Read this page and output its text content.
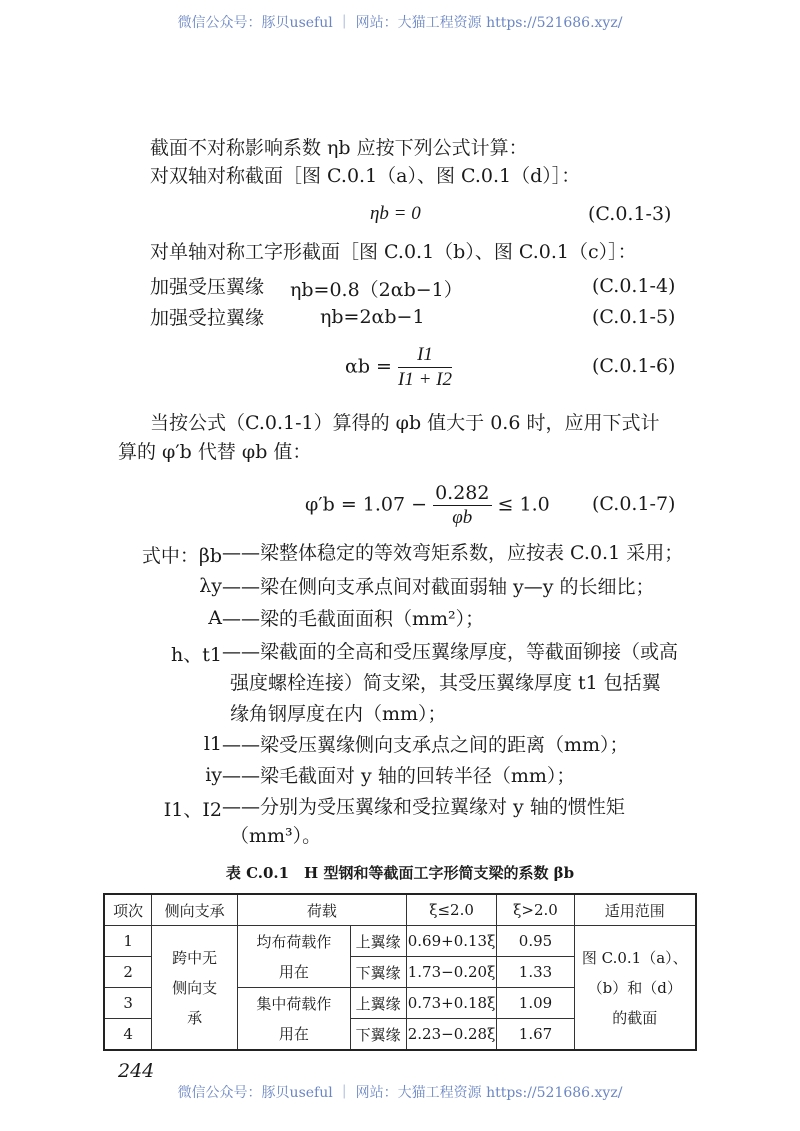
微信公众号：豚贝useful ｜ 网站：大猫工程资源 https://521686.xyz/
截面不对称影响系数 ηb 应按下列公式计算：
对双轴对称截面［图 C.0.1（a）、图 C.0.1（d）］：
ηb = 0	(C.0.1-3)
对单轴对称工字形截面［图 C.0.1（b）、图 C.0.1（c）］：
加强受压翼缘 ηb=0.8（2αb−1）	(C.0.1-4)
加强受拉翼缘	ηb=2αb−1	(C.0.1-5)
$\alpha b = \frac{I1}{I1 + I2}$	(C.0.1-6)
当按公式（C.0.1-1）算得的 φb 值大于 0.6 时，应用下式计
算的 φ′b 代替 φb 值：
$\varphi'b = 1.07 - \frac{0.282}{\varphi b} \le 1.0$ (C.0.1-7)
式中：βb ——梁整体稳定的等效弯矩系数，应按表 C.0.1 采用；
λy ——梁在侧向支承点间对截面弱轴 y—y 的长细比；
A ——梁的毛截面面积（mm²）；
h、t1 ——梁截面的全高和受压翼缘厚度，等截面铆接（或高
强度螺栓连接）简支梁，其受压翼缘厚度 t1 包括翼
缘角钢厚度在内（mm）；
l1 ——梁受压翼缘侧向支承点之间的距离（mm）；
iy ——梁毛截面对 y 轴的回转半径（mm）；
I1、I2 ——分别为受压翼缘和受拉翼缘对 y 轴的惯性矩
（mm³）。
表 C.0.1　H 型钢和等截面工字形简支梁的系数 βb
项次	侧向支承	荷载		ξ≤2.0	ξ>2.0	适用范围
1	跨中无侧向支承	均布荷载作用在	上翼缘	0.69+0.13ξ	0.95	图 C.0.1（a）、（b）和（d）的截面
2			下翼缘	1.73−0.20ξ	1.33	
3		集中荷载作用在	上翼缘	0.73+0.18ξ	1.09	
4			下翼缘	2.23−0.28ξ	1.67	
244
微信公众号：豚贝useful ｜ 网站：大猫工程资源 https://521686.xyz/
